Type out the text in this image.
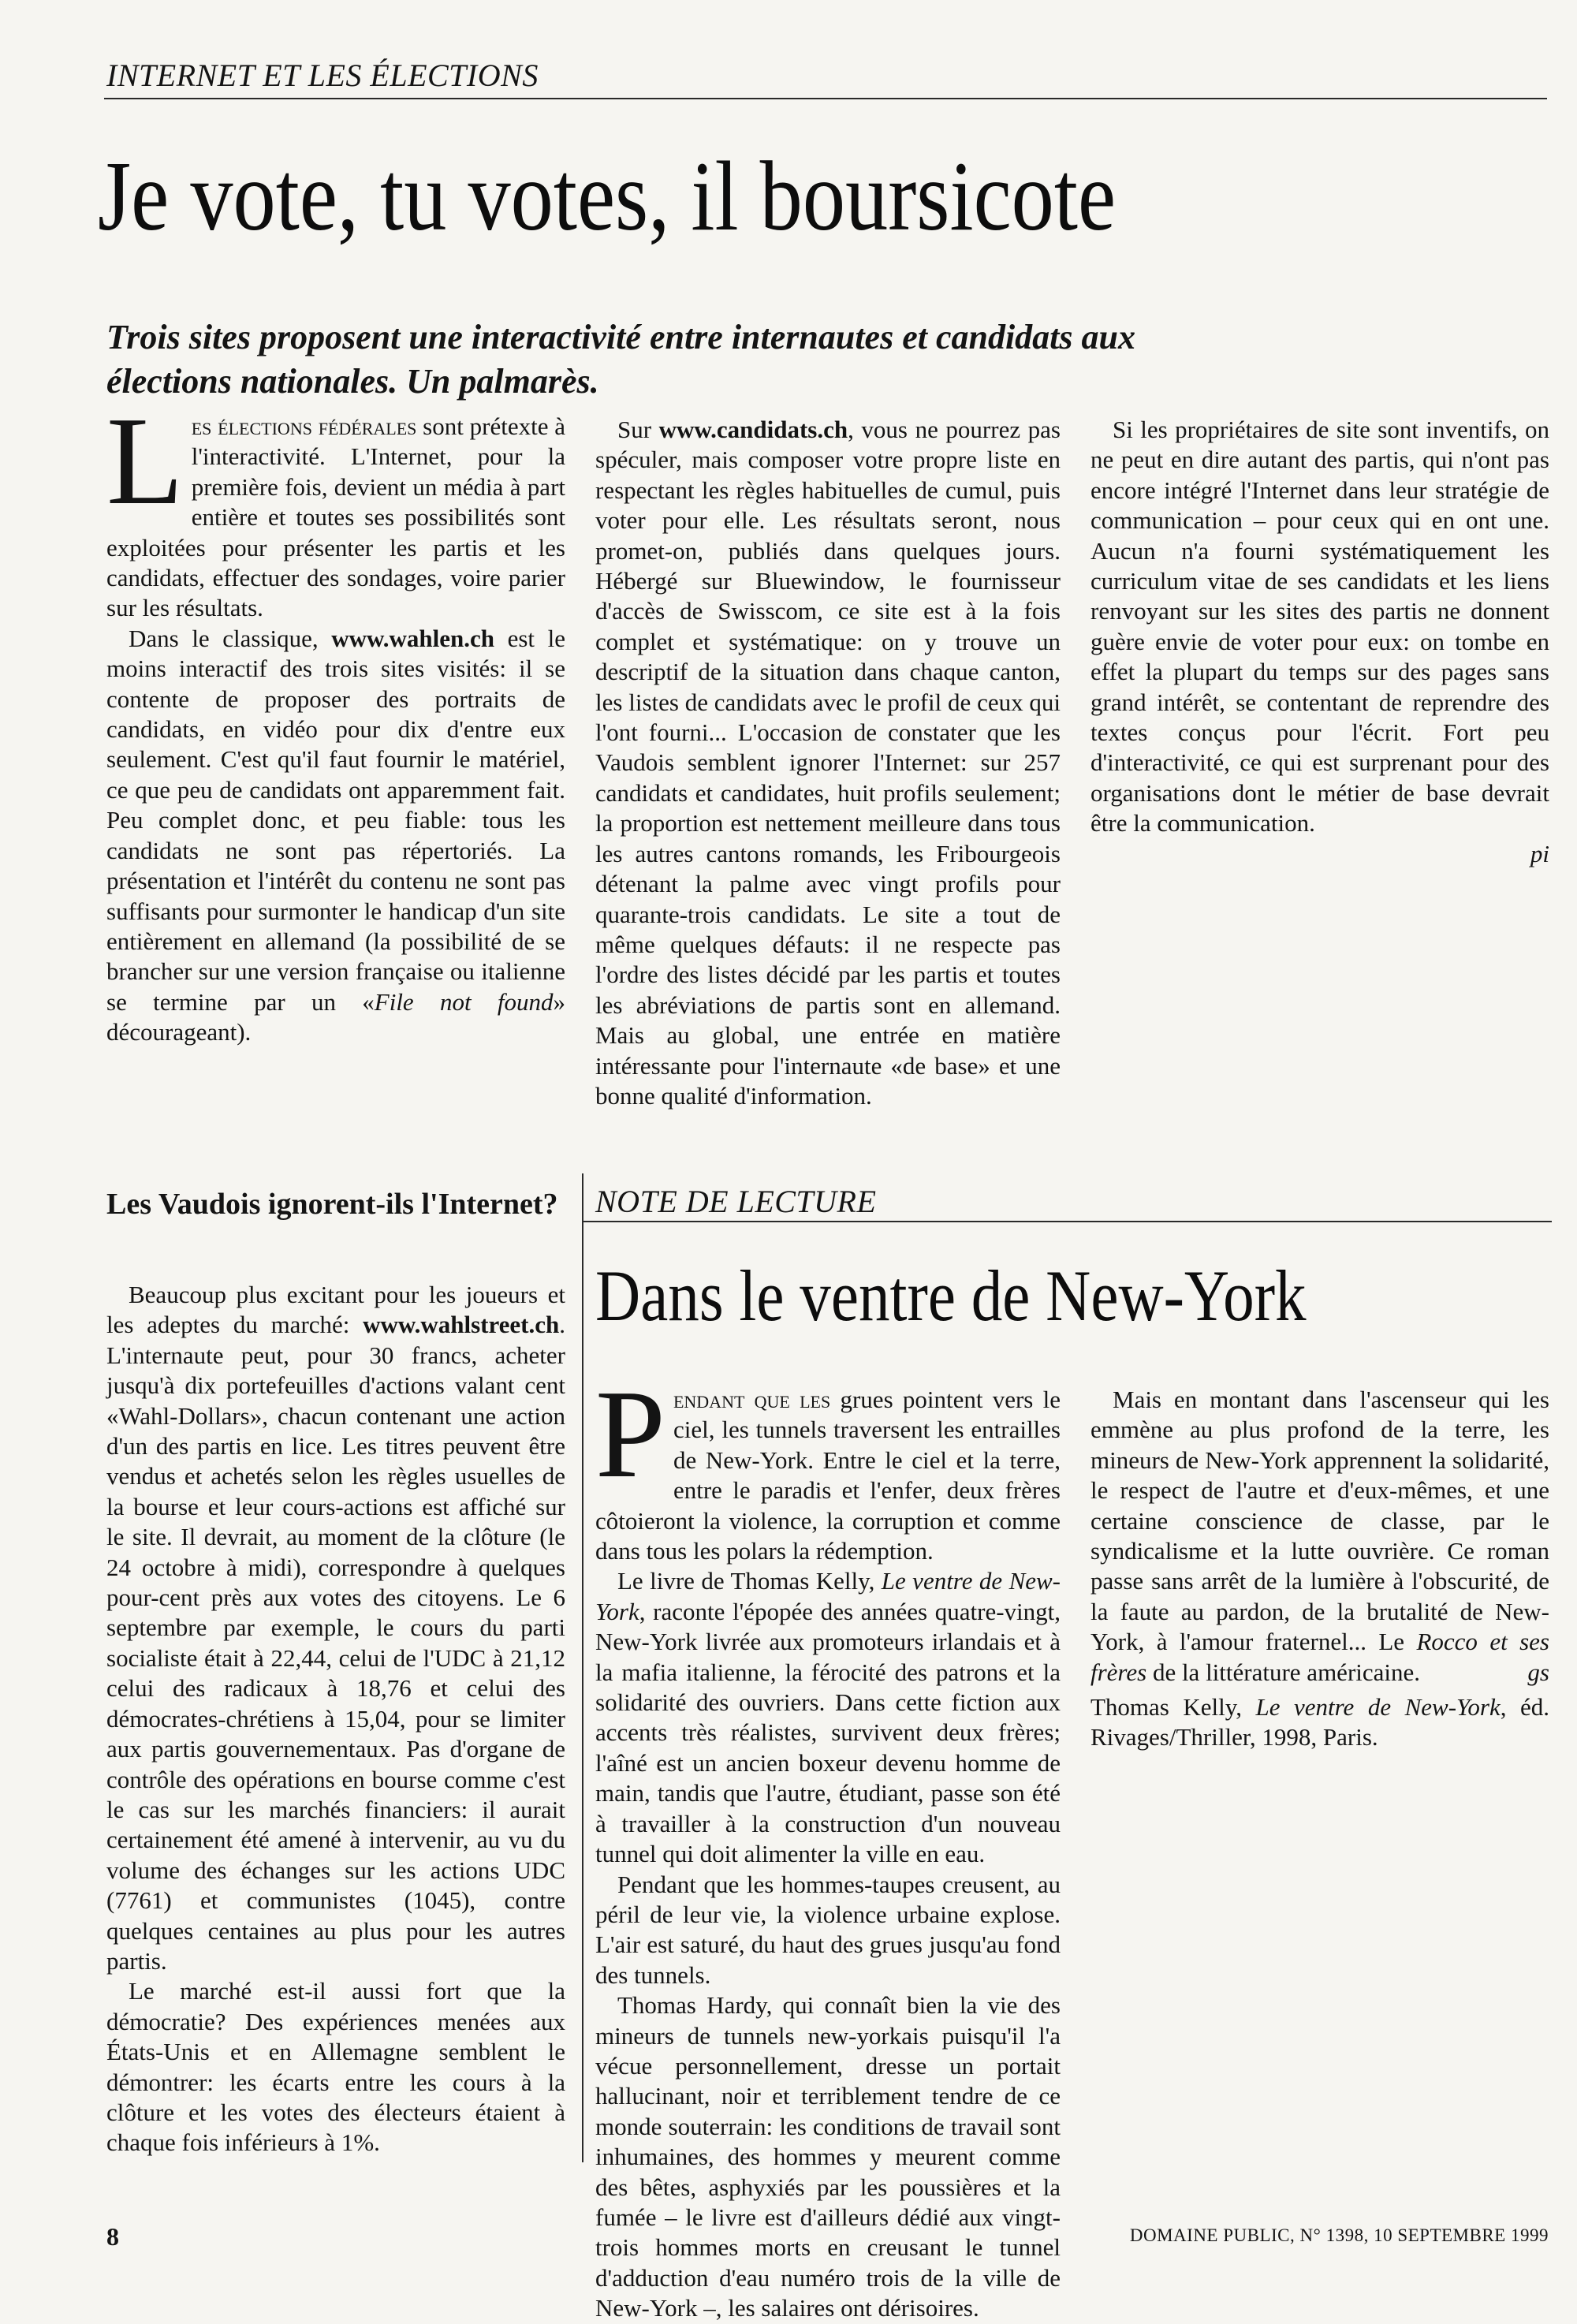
INTERNET ET LES ÉLECTIONS
Je vote, tu votes, il boursicote

Trois sites proposent une interactivité entre internautes et candidats aux

élections nationales. Un palmarès.

Les élections fédérales sont prétexte à l'interactivité. L'Internet, pour la première fois, devient un média à part entière et toutes ses possibilités sont exploitées pour présenter les partis et les candidats, effectuer des sondages, voire parier sur les résultats.

Dans le classique, www.wahlen.ch est le moins interactif des trois sites visités: il se contente de proposer des portraits de candidats, en vidéo pour dix d'entre eux seulement. C'est qu'il faut fournir le matériel, ce que peu de candidats ont apparemment fait. Peu complet donc, et peu fiable: tous les candidats ne sont pas répertoriés. La présentation et l'intérêt du contenu ne sont pas suffisants pour surmonter le handicap d'un site entièrement en allemand (la possibilité de se brancher sur une version française ou italienne se termine par un «File not found» décourageant).

Les Vaudois ignorent-ils l'Internet?

Beaucoup plus excitant pour les joueurs et les adeptes du marché: www.wahlstreet.ch. L'internaute peut, pour 30 francs, acheter jusqu'à dix portefeuilles d'actions valant cent «Wahl-Dollars», chacun contenant une action d'un des partis en lice. Les titres peuvent être vendus et achetés selon les règles usuelles de la bourse et leur cours-actions est affiché sur le site. Il devrait, au moment de la clôture (le 24 octobre à midi), correspondre à quelques pour-cent près aux votes des citoyens. Le 6 septembre par exemple, le cours du parti socialiste était à 22,44, celui de l'UDC à 21,12 celui des radicaux à 18,76 et celui des démocrates-chrétiens à 15,04, pour se limiter aux partis gouvernementaux. Pas d'organe de contrôle des opérations en bourse comme c'est le cas sur les marchés financiers: il aurait certainement été amené à intervenir, au vu du volume des échanges sur les actions UDC (7761) et communistes (1045), contre quelques centaines au plus pour les autres partis.

Le marché est-il aussi fort que la démocratie? Des expériences menées aux États-Unis et en Allemagne semblent le démontrer: les écarts entre les cours à la clôture et les votes des électeurs étaient à chaque fois inférieurs à 1%.

Sur www.candidats.ch, vous ne pourrez pas spéculer, mais composer votre propre liste en respectant les règles habituelles de cumul, puis voter pour elle. Les résultats seront, nous promet-on, publiés dans quelques jours. Hébergé sur Bluewindow, le fournisseur d'accès de Swisscom, ce site est à la fois complet et systématique: on y trouve un descriptif de la situation dans chaque canton, les listes de candidats avec le profil de ceux qui l'ont fourni... L'occasion de constater que les Vaudois semblent ignorer l'Internet: sur 257 candidats et candidates, huit profils seulement; la proportion est nettement meilleure dans tous les autres cantons romands, les Fribourgeois détenant la palme avec vingt profils pour quarante-trois candidats. Le site a tout de même quelques défauts: il ne respecte pas l'ordre des listes décidé par les partis et toutes les abréviations de partis sont en allemand. Mais au global, une entrée en matière intéressante pour l'internaute «de base» et une bonne qualité d'information.

Si les propriétaires de site sont inventifs, on ne peut en dire autant des partis, qui n'ont pas encore intégré l'Internet dans leur stratégie de communication – pour ceux qui en ont une. Aucun n'a fourni systématiquement les curriculum vitae de ses candidats et les liens renvoyant sur les sites des partis ne donnent guère envie de voter pour eux: on tombe en effet la plupart du temps sur des pages sans grand intérêt, se contentant de reprendre des textes conçus pour l'écrit. Fort peu d'interactivité, ce qui est surprenant pour des organisations dont le métier de base devrait être la communication.

pi

NOTE DE LECTURE
Dans le ventre de New-York

Pendant que les grues pointent vers le ciel, les tunnels traversent les entrailles de New-York. Entre le ciel et la terre, entre le paradis et l'enfer, deux frères côtoieront la violence, la corruption et comme dans tous les polars la rédemption.

Le livre de Thomas Kelly, Le ventre de New-York, raconte l'épopée des années quatre-vingt, New-York livrée aux promoteurs irlandais et à la mafia italienne, la férocité des patrons et la solidarité des ouvriers. Dans cette fiction aux accents très réalistes, survivent deux frères; l'aîné est un ancien boxeur devenu homme de main, tandis que l'autre, étudiant, passe son été à travailler à la construction d'un nouveau tunnel qui doit alimenter la ville en eau.

Pendant que les hommes-taupes creusent, au péril de leur vie, la violence urbaine explose. L'air est saturé, du haut des grues jusqu'au fond des tunnels.

Thomas Hardy, qui connaît bien la vie des mineurs de tunnels new-yorkais puisqu'il l'a vécue personnellement, dresse un portait hallucinant, noir et terriblement tendre de ce monde souterrain: les conditions de travail sont inhumaines, des hommes y meurent comme des bêtes, asphyxiés par les poussières et la fumée – le livre est d'ailleurs dédié aux vingt-trois hommes morts en creusant le tunnel d'adduction d'eau numéro trois de la ville de New-York –, les salaires ont dérisoires.

Mais en montant dans l'ascenseur qui les emmène au plus profond de la terre, les mineurs de New-York apprennent la solidarité, le respect de l'autre et d'eux-mêmes, et une certaine conscience de classe, par le syndicalisme et la lutte ouvrière. Ce roman passe sans arrêt de la lumière à l'obscurité, de la faute au pardon, de la brutalité de New-York, à l'amour fraternel... Le Rocco et ses frères de la littérature américaine.	gs

Thomas Kelly, Le ventre de New-York, éd. Rivages/Thriller, 1998, Paris.

8	DOMAINE PUBLIC, N° 1398, 10 SEPTEMBRE 1999
